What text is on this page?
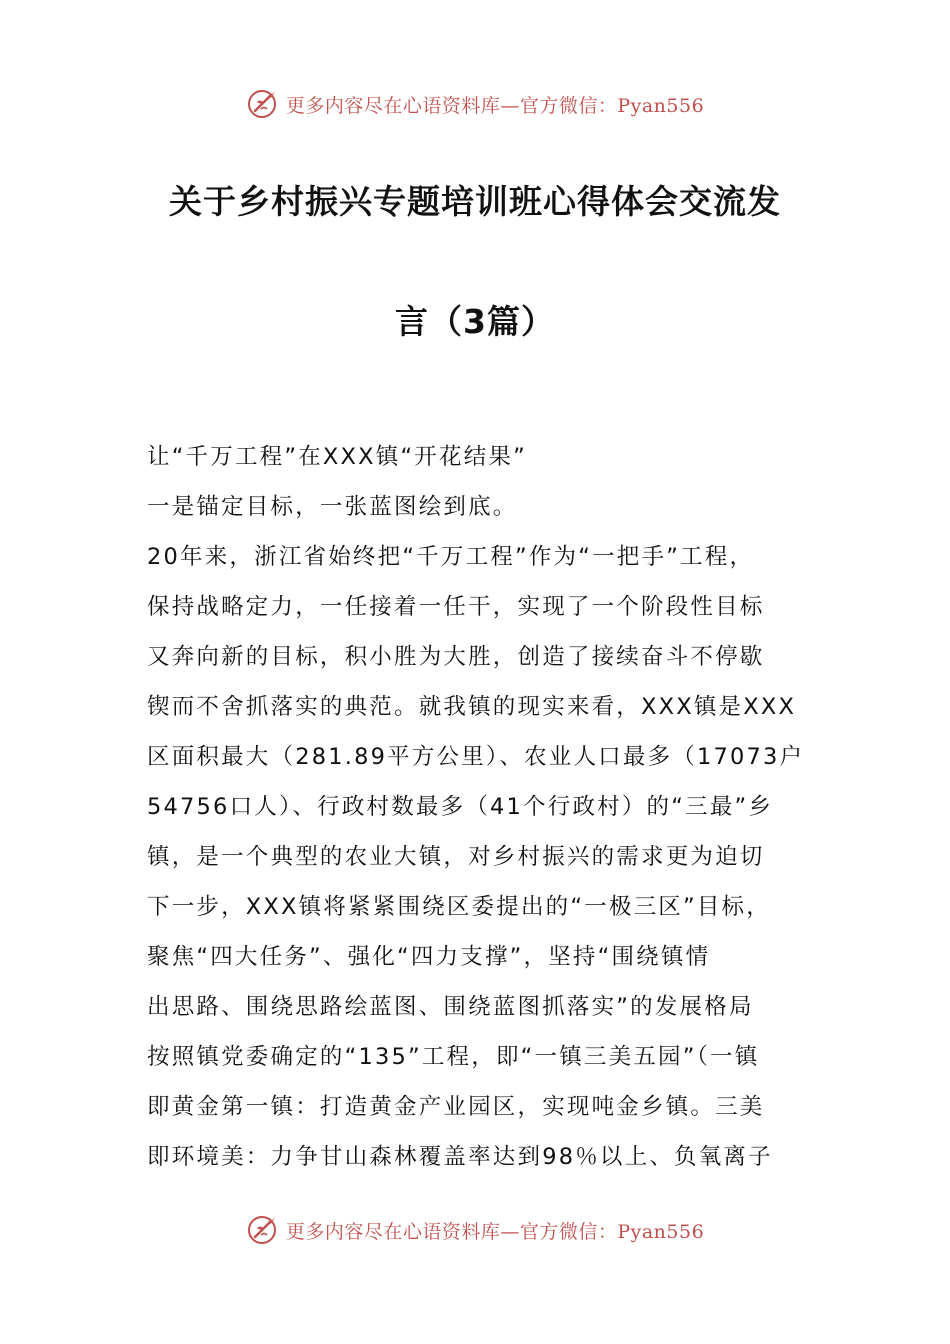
更多内容尽在心语资料库—官方微信：Pyan556
关于乡村振兴专题培训班心得体会交流发
言（3篇）
让“千万工程”在XXX镇“开花结果”
一是锚定目标，一张蓝图绘到底。
20年来，浙江省始终把“千万工程”作为“一把手”工程，
保持战略定力，一任接着一任干，实现了一个阶段性目标
又奔向新的目标，积小胜为大胜，创造了接续奋斗不停歇
锲而不舍抓落实的典范。就我镇的现实来看，XXX镇是XXX
区面积最大（281.89平方公里）、农业人口最多（17073户
54756口人）、行政村数最多（41个行政村）的“三最”乡
镇，是一个典型的农业大镇，对乡村振兴的需求更为迫切
下一步，XXX镇将紧紧围绕区委提出的“一极三区”目标，
聚焦“四大任务”、强化“四力支撑”，坚持“围绕镇情
出思路、围绕思路绘蓝图、围绕蓝图抓落实”的发展格局
按照镇党委确定的“135”工程，即“一镇三美五园”（一镇
即黄金第一镇：打造黄金产业园区，实现吨金乡镇。三美
即环境美：力争甘山森林覆盖率达到98％以上、负氧离子
更多内容尽在心语资料库—官方微信：Pyan556
